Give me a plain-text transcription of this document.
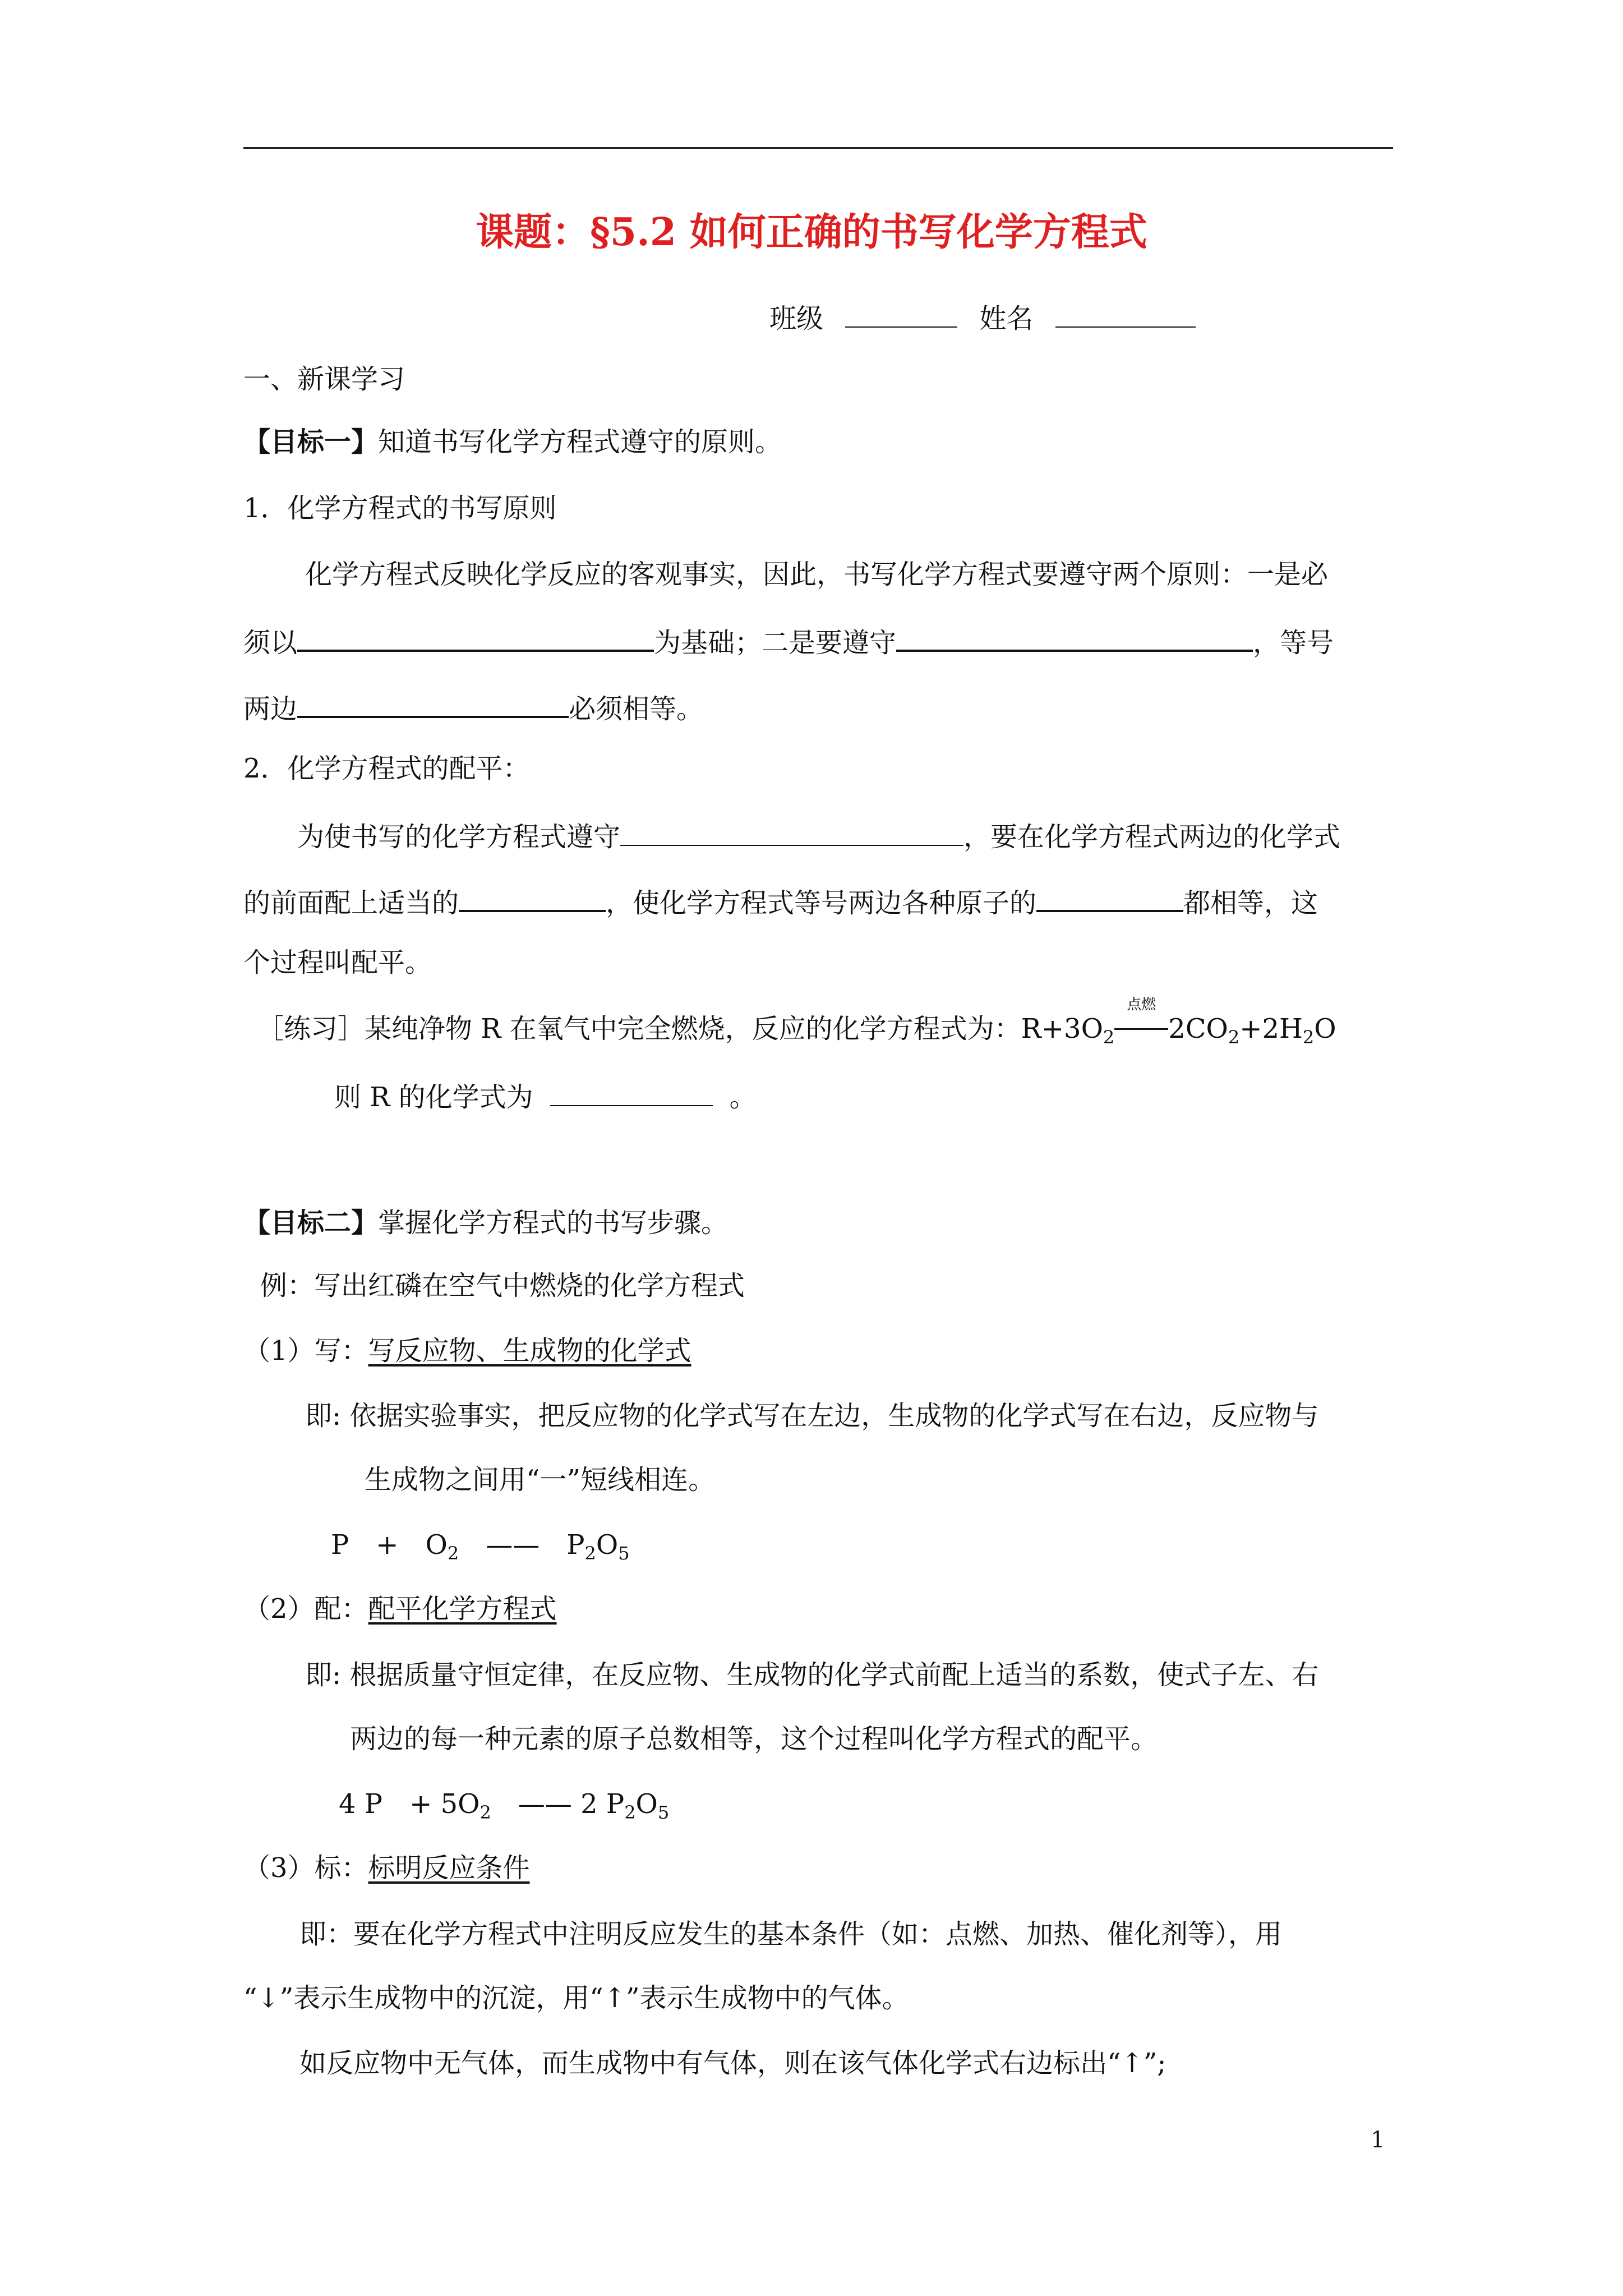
课题：§5.2 如何正确的书写化学方程式
班级	姓名
一、新课学习
【目标一】知道书写化学方程式遵守的原则。
1．化学方程式的书写原则
化学方程式反映化学反应的客观事实，因此，书写化学方程式要遵守两个原则：一是必
须以	为基础；二是要遵守	，等号
两边	必须相等。
2．化学方程式的配平：
为使书写的化学方程式遵守	，要在化学方程式两边的化学式
的前面配上适当的	，使化学方程式等号两边各种原子的	都相等，这
个过程叫配平。
［练习］某纯净物 R 在氧气中完全燃烧，反应的化学方程式为：$R+3O_2$
点燃
$2CO_2+2H_2O$
则 R 的化学式为	。
【目标二】掌握化学方程式的书写步骤。
例：写出红磷在空气中燃烧的化学方程式
（1）写：写反应物、生成物的化学式
即: 依据实验事实，把反应物的化学式写在左边，生成物的化学式写在右边，反应物与
生成物之间用“一”短线相连。
P　+　$O_2$　——　$P_2O_5$
（2）配：配平化学方程式
即: 根据质量守恒定律，在反应物、生成物的化学式前配上适当的系数，使式子左、右
两边的每一种元素的原子总数相等，这个过程叫化学方程式的配平。
4 P　+ $5O_2$　—— 2 $P_2O_5$
（3）标：标明反应条件
即：要在化学方程式中注明反应发生的基本条件（如：点燃、加热、催化剂等），用
“↓”表示生成物中的沉淀，用“↑”表示生成物中的气体。
如反应物中无气体，而生成物中有气体，则在该气体化学式右边标出“↑”;
1
